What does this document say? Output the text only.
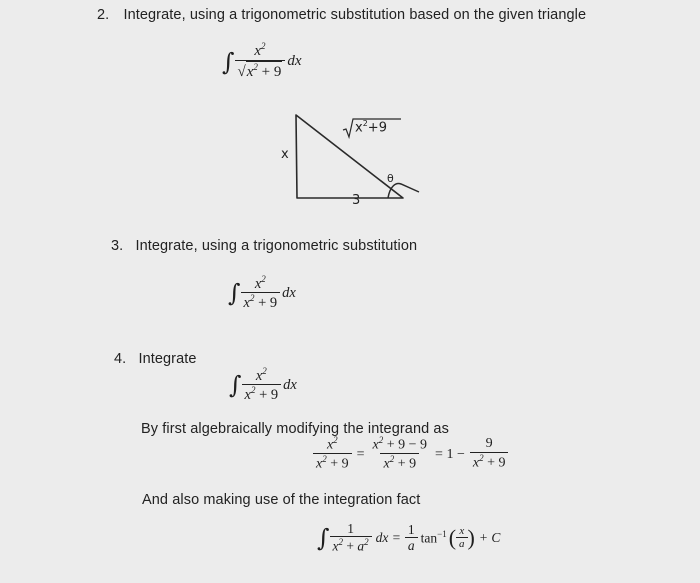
2. Integrate, using a trigonometric substitution based on the given triangle
∫ $\frac{x^2}{√x^2 + 9}$ dx
$x^2+9$
x
3
θ
3. Integrate, using a trigonometric substitution
∫ $\frac{x^2}{x^2 + 9}$ dx
4. Integrate
∫ $\frac{x^2}{x^2 + 9}$ dx
By first algebraically modifying the integrand as
$\frac{x^2}{x^2 + 9} = \frac{x^2 + 9 - 9}{x^2 + 9} = 1 - \frac{9}{x^2 + 9}$
And also making use of the integration fact
∫ $\frac{1}{x^2 + a^2}$ dx = $\frac{1}{a} \tan^{-1}$ ( $\frac{x}{a}$ ) + C
